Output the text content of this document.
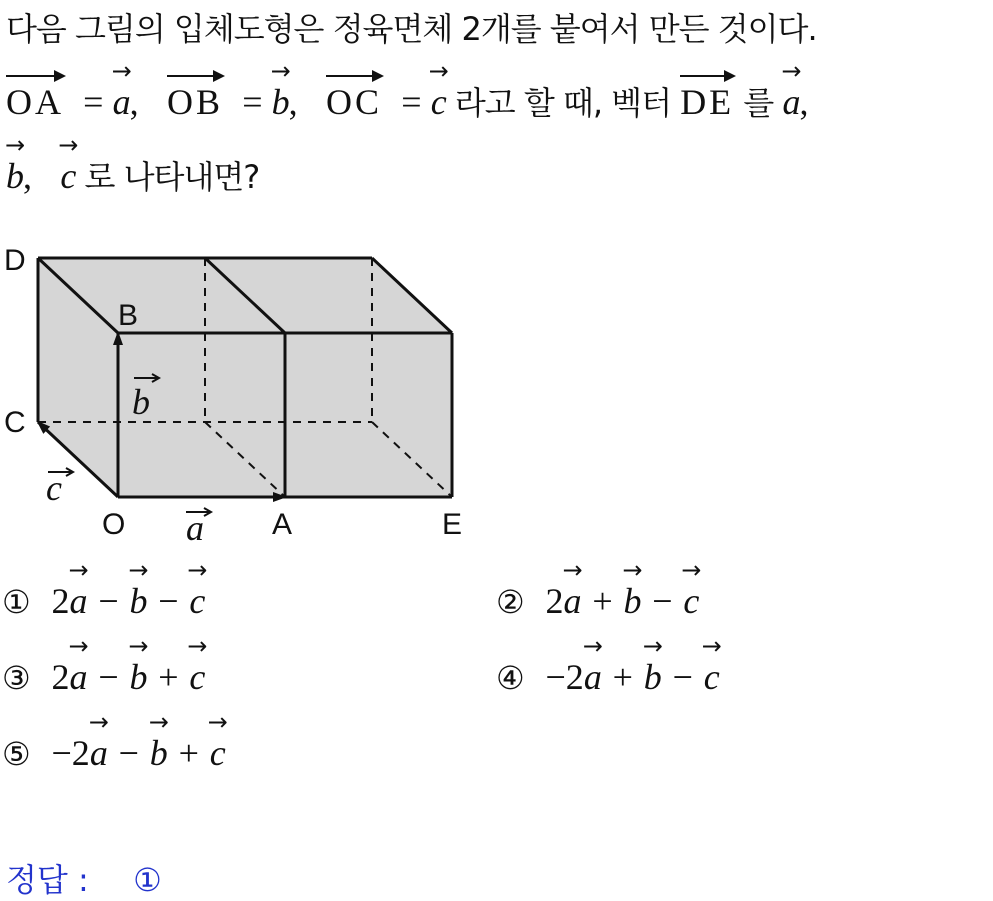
다음 그림의 입체도형은 정육면체 2개를 붙여서 만든 것이다.
OA = → a, OB = → b, OC = → c 라고 할 때, 벡터 DE 를 → a,
→ b, → c 로 나타내면?
D
B
C
O	A	E
a
b
c
① 2→ a − → b − → c	② 2→ a + → b − → c
③ 2→ a − → b + → c	④ −2→ a + → b − → c
⑤ −2→ a − → b + → c
정답 : ①
